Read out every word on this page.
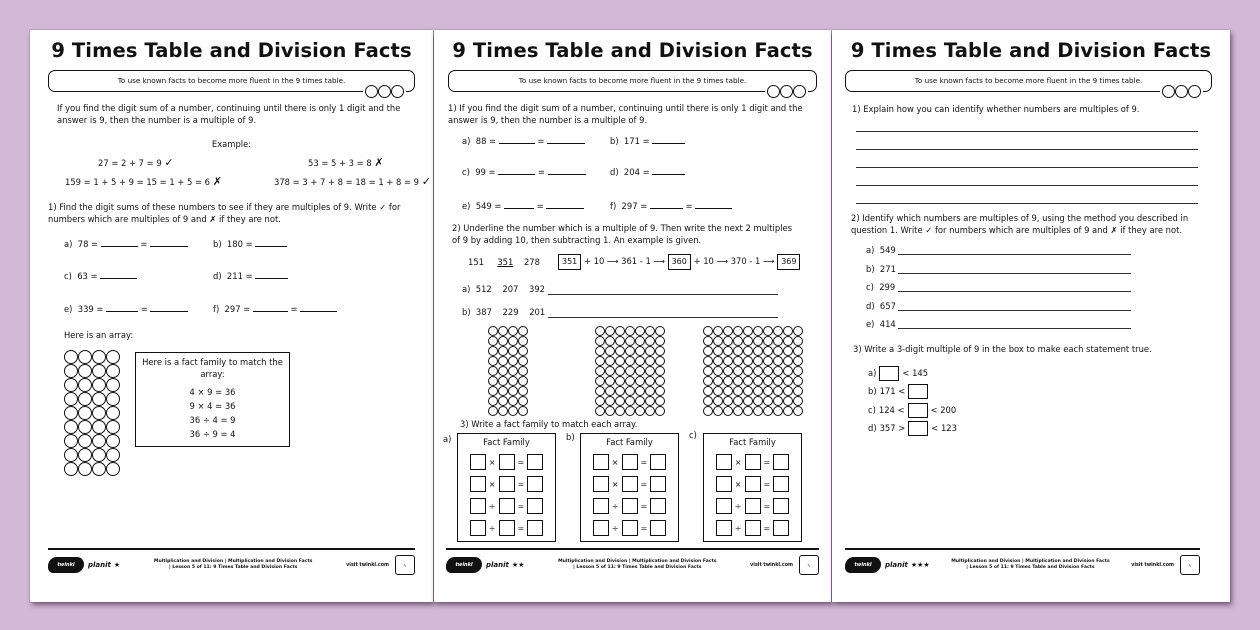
9 Times Table and Division Facts
To use known facts to become more fluent in the 9 times table.
If you find the digit sum of a number, continuing until there is only 1 digit and the answer is 9, then the number is a multiple of 9.
Example:
27 = 2 + 7 = 9 ✓	53 = 5 + 3 = 8 ✗
159 = 1 + 5 + 9 = 15 = 1 + 5 = 6 ✗	378 = 3 + 7 + 8 = 18 = 1 + 8 = 9 ✓
1) Find the digit sums of these numbers to see if they are multiples of 9. Write ✓ for numbers which are multiples of 9 and ✗ if they are not.
a) 78 =	=	b) 180 =
c) 63 =	d) 211 =
e) 339 =	=	f) 297 =	=
Here is an array:
Here is a fact family to match the array:
4 × 9 = 36
9 × 4 = 36
36 ÷ 4 = 9
36 ÷ 9 = 4
twinkl	planit ★	Multiplication and Division | Multiplication and Division Facts
| Lesson 5 of 11: 9 Times Table and Division Facts	visit twinkl.com	✎
9 Times Table and Division Facts
To use known facts to become more fluent in the 9 times table.
1) If you find the digit sum of a number, continuing until there is only 1 digit and the answer is 9, then the number is a multiple of 9.
a) 88 =	=	b) 171 =
c) 99 =	=	d) 204 =
e) 549 =	=	f) 297 =	=
2) Underline the number which is a multiple of 9. Then write the next 2 multiples of 9 by adding 10, then subtracting 1. An example is given.
151 351 278	351 + 10 ⟶ 361 - 1 ⟶ 360 + 10 ⟶ 370 - 1 ⟶ 369
a) 512    207    392
b) 387    229    201
3) Write a fact family to match each array.
a)	Fact Family
×	=
×	=
÷	=
÷	=
b)	Fact Family
×	=
×	=
÷	=
÷	=
c)
Fact Family
×	=
×	=
÷	=
÷	=
twinkl	planit ★★	Multiplication and Division | Multiplication and Division Facts
| Lesson 5 of 11: 9 Times Table and Division Facts	visit twinkl.com	✎
9 Times Table and Division Facts
To use known facts to become more fluent in the 9 times table.
1) Explain how you can identify whether numbers are multiples of 9.
2) Identify which numbers are multiples of 9, using the method you described in question 1. Write ✓ for numbers which are multiples of 9 and ✗ if they are not.
a) 549
b) 271
c) 299
d) 657
e) 414
3) Write a 3-digit multiple of 9 in the box to make each statement true.
a)	< 145
b) 171 <
c) 124 <	< 200
d) 357 >	< 123
twinkl	planit ★★★	Multiplication and Division | Multiplication and Division Facts
| Lesson 5 of 11: 9 Times Table and Division Facts	visit twinkl.com	✎
